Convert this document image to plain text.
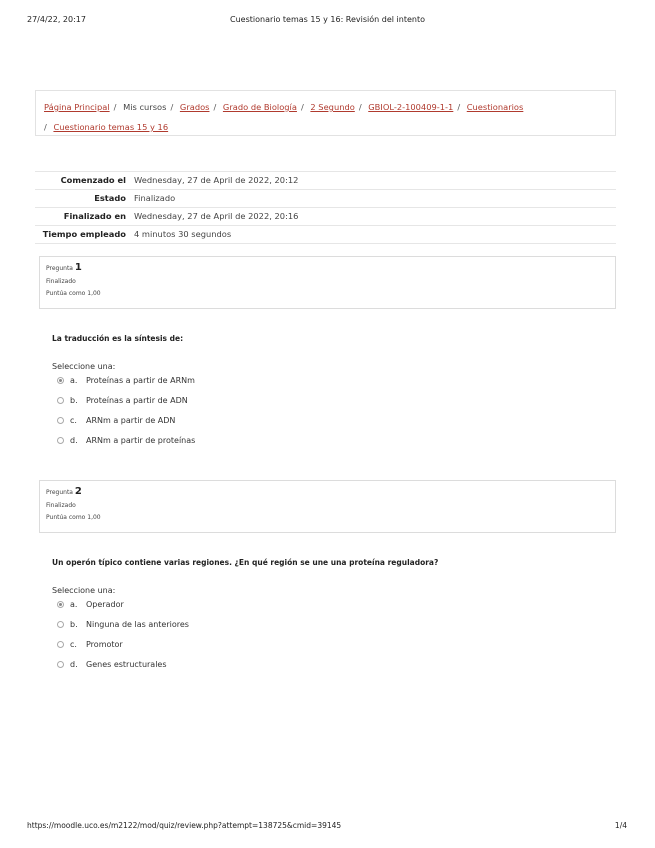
27/4/22, 20:17	Cuestionario temas 15 y 16: Revisión del intento
Página Principal / Mis cursos / Grados / Grado de Biología / 2 Segundo / GBIOL-2-100409-1-1 / Cuestionarios
/ Cuestionario temas 15 y 16
Comenzado el Wednesday, 27 de April de 2022, 20:12
Estado Finalizado
Finalizado en Wednesday, 27 de April de 2022, 20:16
Tiempo empleado 4 minutos 30 segundos
Pregunta 1
Finalizado
Puntúa como 1,00
La traducción es la síntesis de:
Seleccione una:
a.	Proteínas a partir de ARNm
b.	Proteínas a partir de ADN
c.	ARNm a partir de ADN
d.	ARNm a partir de proteínas
Pregunta 2
Finalizado
Puntúa como 1,00
Un operón típico contiene varias regiones. ¿En qué región se une una proteína reguladora?
Seleccione una:
a.	Operador
b.	Ninguna de las anteriores
c.	Promotor
d.	Genes estructurales
https://moodle.uco.es/m2122/mod/quiz/review.php?attempt=138725&cmid=39145	1/4
